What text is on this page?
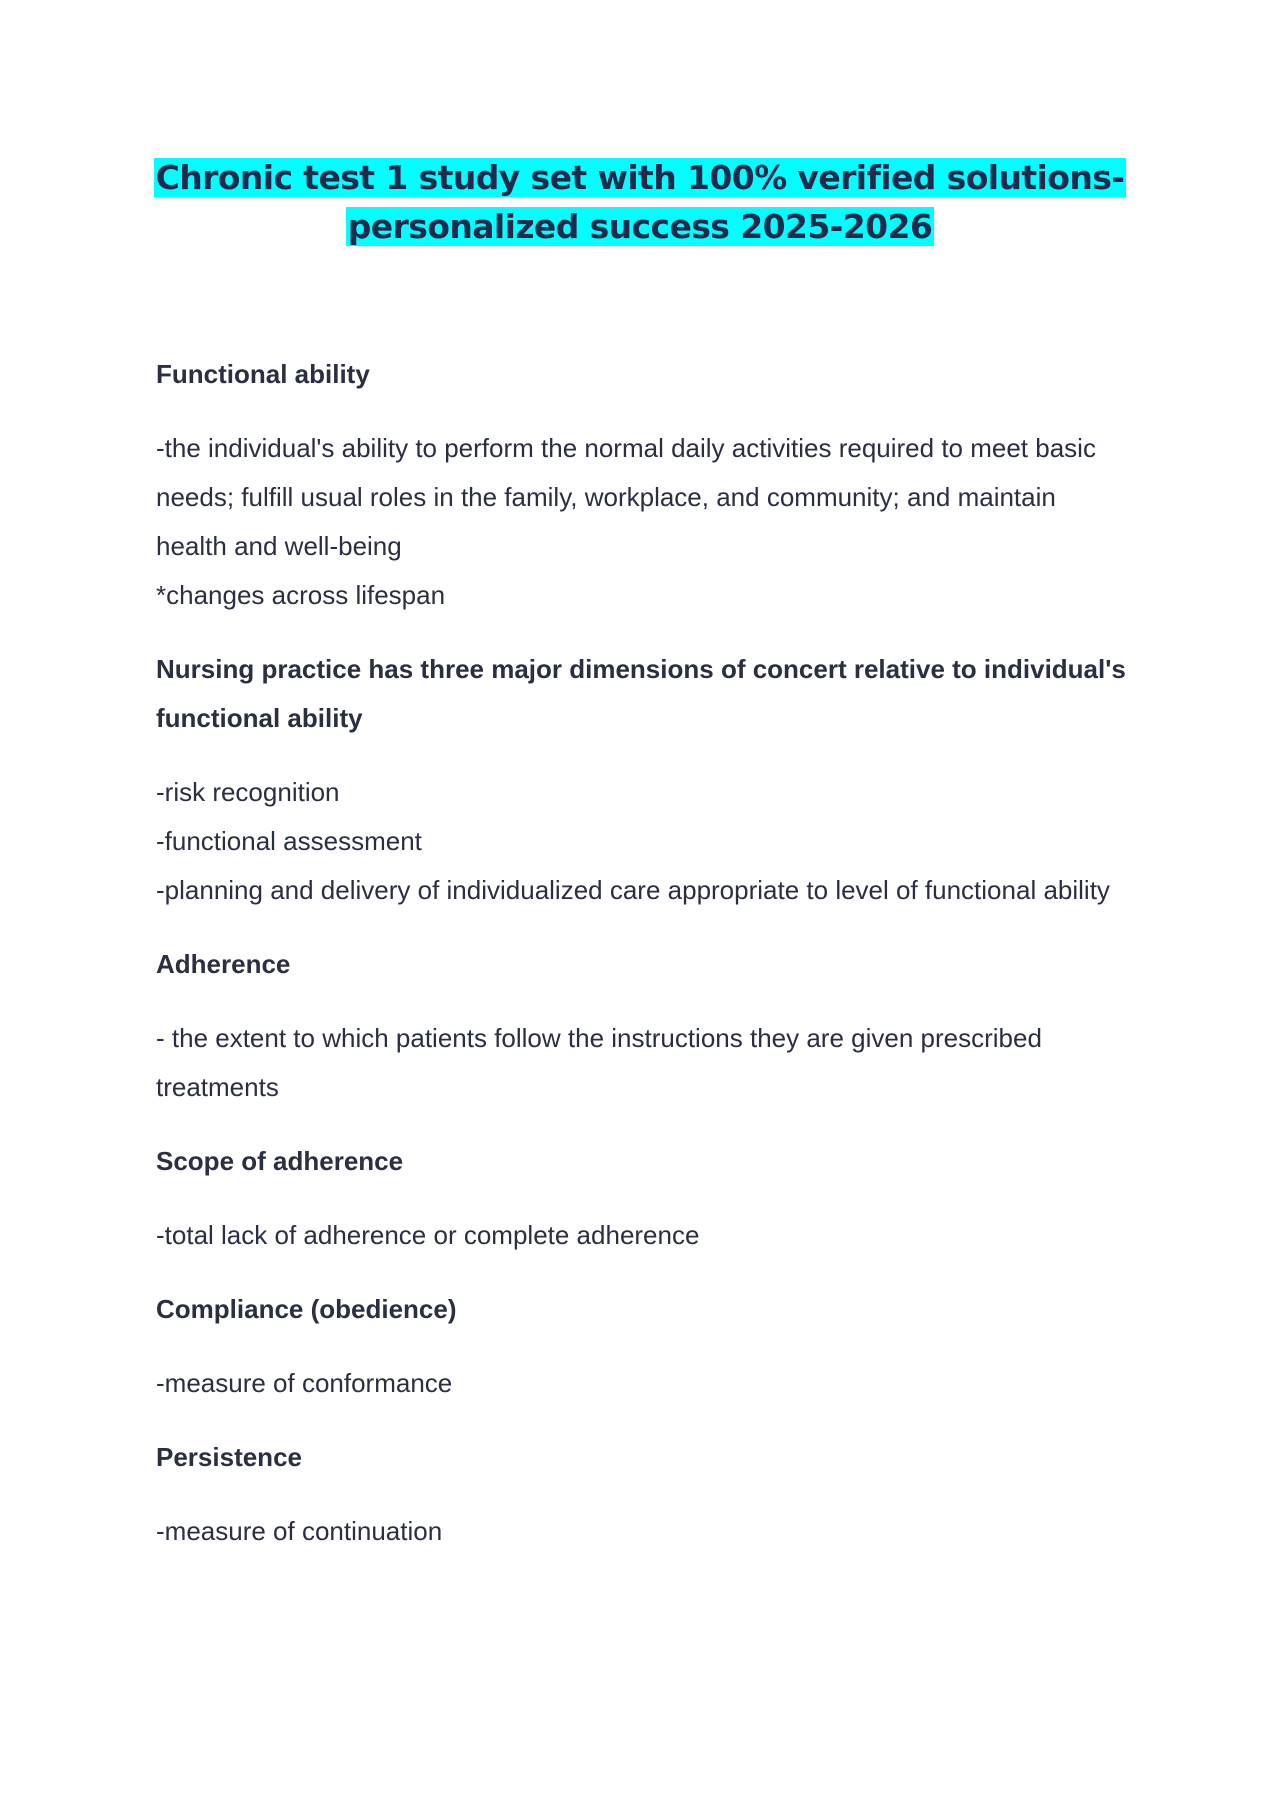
Chronic test 1 study set with 100% verified solutions-
personalized success 2025-2026
Functional ability
-the individual's ability to perform the normal daily activities required to meet basic needs; fulfill usual roles in the family, workplace, and community; and maintain health and well-being
*changes across lifespan
Nursing practice has three major dimensions of concert relative to individual's functional ability
-risk recognition
-functional assessment
-planning and delivery of individualized care appropriate to level of functional ability
Adherence
- the extent to which patients follow the instructions they are given prescribed treatments
Scope of adherence
-total lack of adherence or complete adherence
Compliance (obedience)
-measure of conformance
Persistence
-measure of continuation
